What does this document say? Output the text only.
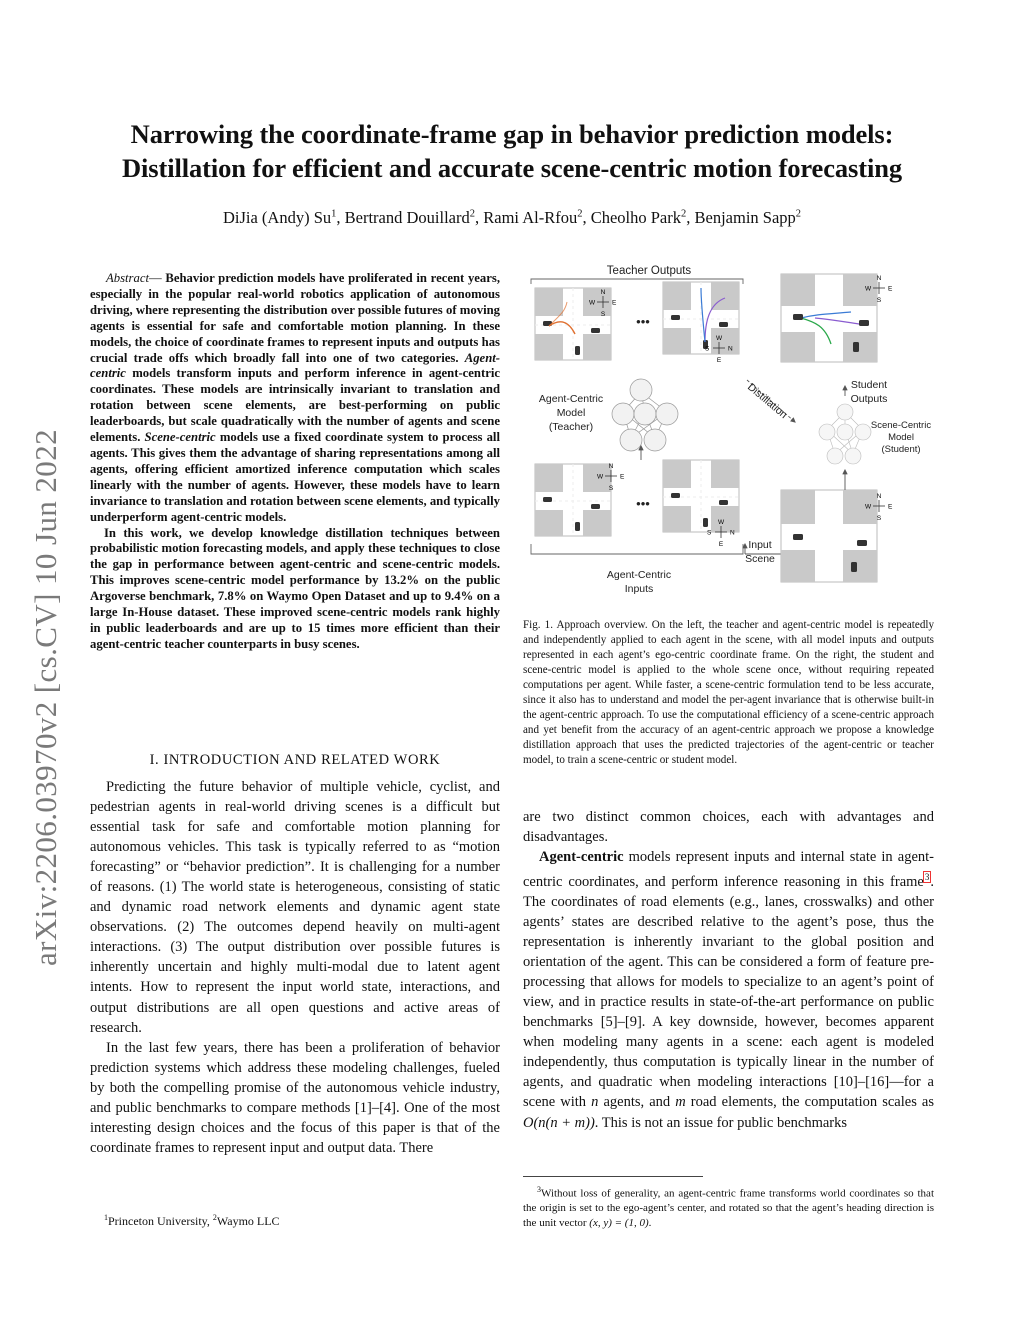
arXiv:2206.03970v2 [cs.CV] 10 Jun 2022
Narrowing the coordinate-frame gap in behavior prediction models:
Distillation for efficient and accurate scene-centric motion forecasting
DiJia (Andy) Su$^1$, Bertrand Douillard$^2$, Rami Al-Rfou$^2$, Cheolho Park$^2$, Benjamin Sapp$^2$

Abstract— Behavior prediction models have proliferated in recent years, especially in the popular real-world robotics application of autonomous driving, where representing the distribution over possible futures of moving agents is essential for safe and comfortable motion planning. In these models, the choice of coordinate frames to represent inputs and outputs has crucial trade offs which broadly fall into one of two categories. Agent-centric models transform inputs and perform inference in agent-centric coordinates. These models are intrinsically invariant to translation and rotation between scene elements, are best-performing on public leaderboards, but scale quadratically with the number of agents and scene elements. Scene-centric models use a fixed coordinate system to process all agents. This gives them the advantage of sharing representations among all agents, offering efficient amortized inference computation which scales linearly with the number of agents. However, these models have to learn invariance to translation and rotation between scene elements, and typically underperform agent-centric models.

In this work, we develop knowledge distillation techniques between probabilistic motion forecasting models, and apply these techniques to close the gap in performance between agent-centric and scene-centric models. This improves scene-centric model performance by 13.2% on the public Argoverse benchmark, 7.8% on Waymo Open Dataset and up to 9.4% on a large In-House dataset. These improved scene-centric models rank highly in public leaderboards and are up to 15 times more efficient than their agent-centric teacher counterparts in busy scenes.

I. INTRODUCTION AND RELATED WORK

Predicting the future behavior of multiple vehicle, cyclist, and pedestrian agents in real-world driving scenes is a difficult but essential task for safe and comfortable motion planning for autonomous vehicles. This task is typically referred to as “motion forecasting” or “behavior prediction”. It is challenging for a number of reasons. (1) The world state is heterogeneous, consisting of static and dynamic road network elements and dynamic agent state observations. (2) The outcomes depend heavily on multi-agent interactions. (3) The output distribution over possible futures is inherently uncertain and highly multi-modal due to latent agent intents. How to represent the input world state, interactions, and output distributions are all open questions and active areas of research.

In the last few years, there has been a proliferation of behavior prediction systems which address these modeling challenges, fueled by both the compelling promise of the autonomous vehicle industry, and public benchmarks to compare methods [1]–[4]. One of the most interesting design choices and the focus of this paper is that of the coordinate frames to represent input and output data. There

$^1$Princeton University, $^2$Waymo LLC
Teacher Outputs
N
S
E
W
•••
W
E
N
S
N
S
E
W
Agent-Centric
Model
(Teacher)
Distillation	Student
Outputs
Scene-Centric
Model
(Student)
N
S
E
W
•••
W
E
N
S
Agent-Centric
Inputs
Input
Scene
N
S
E
W
Fig. 1. Approach overview. On the left, the teacher and agent-centric model is repeatedly and independently applied to each agent in the scene, with all model inputs and outputs represented in each agent’s ego-centric coordinate frame. On the right, the student and scene-centric model is applied to the whole scene once, without requiring repeated computations per agent. While faster, a scene-centric formulation tend to be less accurate, since it also has to understand and model the per-agent invariance that is otherwise built-in the agent-centric approach. To use the computational efficiency of a scene-centric approach and yet benefit from the accuracy of an agent-centric approach we propose a knowledge distillation approach that uses the predicted trajectories of the agent-centric or teacher model, to train a scene-centric or student model.

are two distinct common choices, each with advantages and disadvantages.

Agent-centric models represent inputs and internal state in agent-centric coordinates, and perform inference reasoning in this frame$^3$. The coordinates of road elements (e.g., lanes, crosswalks) and other agents’ states are described relative to the agent’s pose, thus the representation is inherently invariant to the global position and orientation of the agent. This can be considered a form of feature pre-processing that allows for models to specialize to an agent’s point of view, and in practice results in state-of-the-art performance on public benchmarks [5]–[9]. A key downside, however, becomes apparent when modeling many agents in a scene: each agent is modeled independently, thus computation is typically linear in the number of agents, and quadratic when modeling interactions [10]–[16]—for a scene with n agents, and m road elements, the computation scales as O(n(n + m)). This is not an issue for public benchmarks

$^3$Without loss of generality, an agent-centric frame transforms world coordinates so that the origin is set to the ego-agent’s center, and rotated so that the agent’s heading direction is the unit vector (x, y) = (1, 0).
